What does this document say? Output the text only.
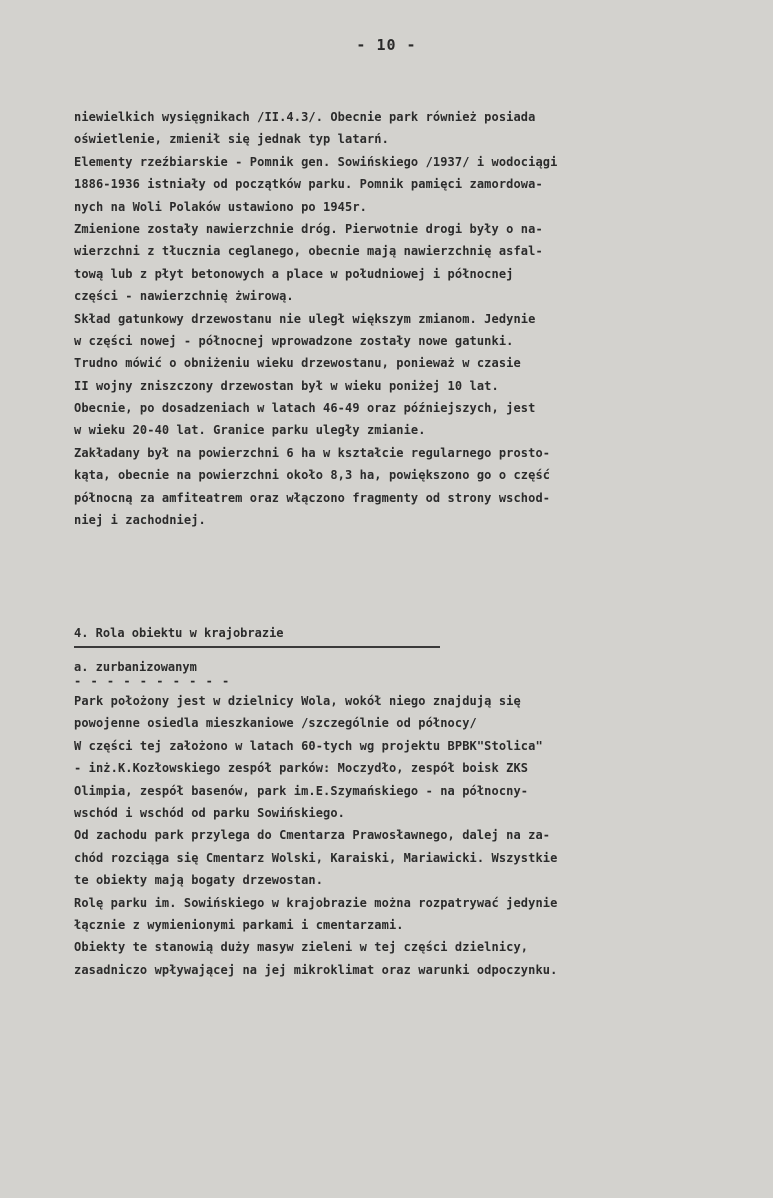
- 10 -
niewielkich wysięgnikach /II.4.3/. Obecnie park również posiada
oświetlenie, zmienił się jednak typ latarń.
Elementy rzeźbiarskie - Pomnik gen. Sowińskiego /1937/ i wodociągi
1886-1936 istniały od początków parku. Pomnik pamięci zamordowa-
nych na Woli Polaków ustawiono po 1945r.
Zmienione zostały nawierzchnie dróg. Pierwotnie drogi były o na-
wierzchni z tłucznia ceglanego, obecnie mają nawierzchnię asfal-
tową lub z płyt betonowych a place w południowej i północnej
części - nawierzchnię żwirową.
Skład gatunkowy drzewostanu nie uległ większym zmianom. Jedynie
w części nowej - północnej wprowadzone zostały nowe gatunki.
Trudno mówić o obniżeniu wieku drzewostanu, ponieważ w czasie
II wojny zniszczony drzewostan był w wieku poniżej 10 lat.
Obecnie, po dosadzeniach w latach 46-49 oraz późniejszych, jest
w wieku 20-40 lat. Granice parku uległy zmianie.
Zakładany był na powierzchni 6 ha w kształcie regularnego prosto-
kąta, obecnie na powierzchni około 8,3 ha, powiększono go o część
północną za amfiteatrem oraz włączono fragmenty od strony wschod-
niej i zachodniej.
4. Rola obiektu w krajobrazie
a. zurbanizowanym
- - - - - - - - - -
Park położony jest w dzielnicy Wola, wokół niego znajdują się
powojenne osiedla mieszkaniowe /szczególnie od północy/
W części tej założono w latach 60-tych wg projektu BPBK"Stolica"
- inż.K.Kozłowskiego zespół parków: Moczydło, zespół boisk ZKS
Olimpia, zespół basenów, park im.E.Szymańskiego - na północny-
wschód i wschód od parku Sowińskiego.
Od zachodu park przylega do Cmentarza Prawosławnego, dalej na za-
chód rozciąga się Cmentarz Wolski, Karaiski, Mariawicki. Wszystkie
te obiekty mają bogaty drzewostan.
Rolę parku im. Sowińskiego w krajobrazie można rozpatrywać jedynie
łącznie z wymienionymi parkami i cmentarzami.
Obiekty te stanowią duży masyw zieleni w tej części dzielnicy,
zasadniczo wpływającej na jej mikroklimat oraz warunki odpoczynku.
